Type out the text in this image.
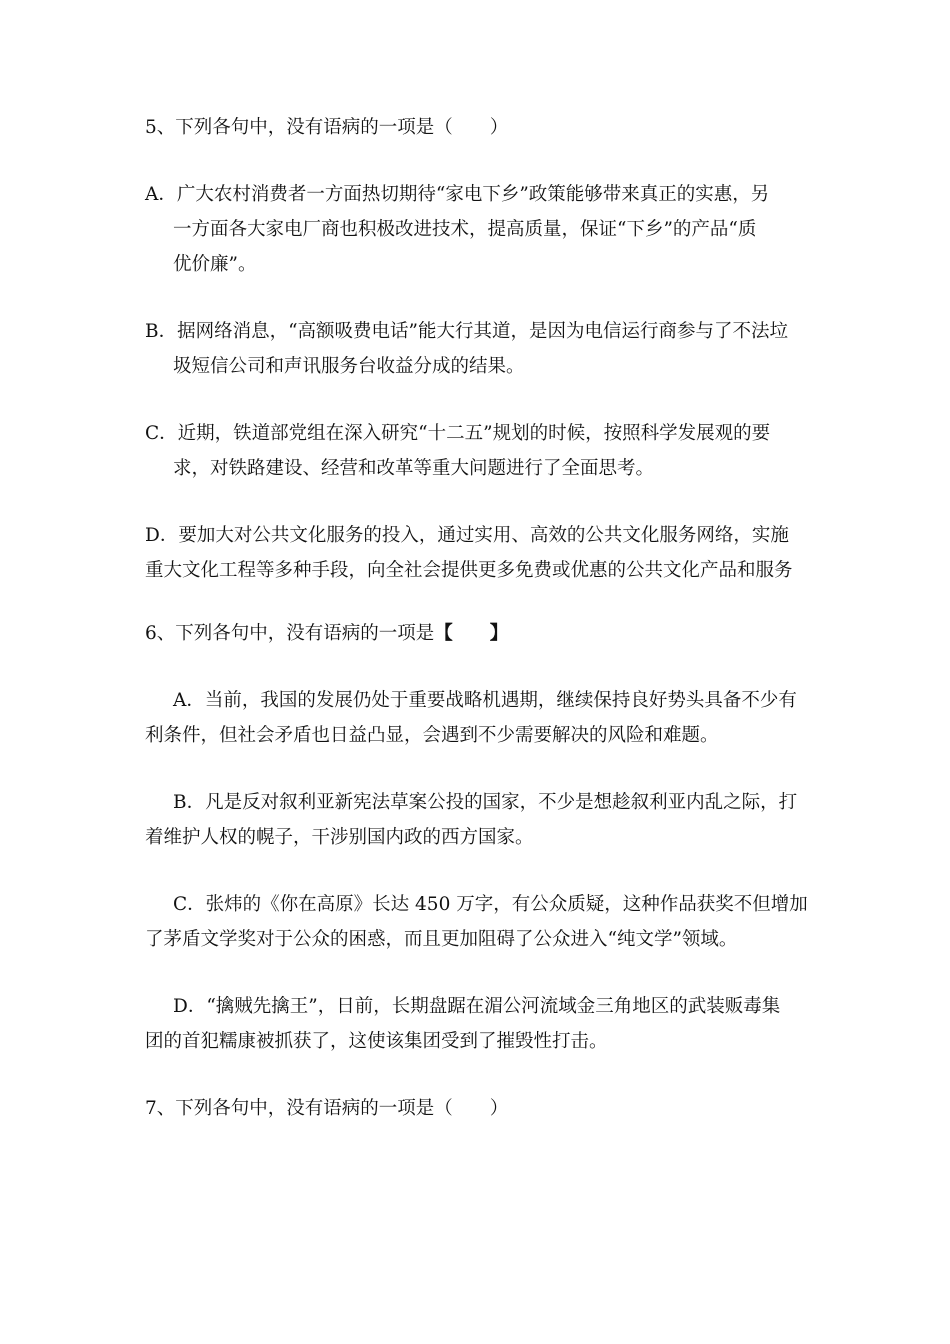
5、下列各句中，没有语病的一项是（　　）

A．广大农村消费者一方面热切期待“家电下乡”政策能够带来真正的实惠，另

一方面各大家电厂商也积极改进技术，提高质量，保证“下乡”的产品“质

优价廉”。

B．据网络消息，“高额吸费电话”能大行其道，是因为电信运行商参与了不法垃

圾短信公司和声讯服务台收益分成的结果。

C．近期，铁道部党组在深入研究“十二五”规划的时候，按照科学发展观的要

求，对铁路建设、经营和改革等重大问题进行了全面思考。

D．要加大对公共文化服务的投入，通过实用、高效的公共文化服务网络，实施

重大文化工程等多种手段，向全社会提供更多免费或优惠的公共文化产品和服务

6、下列各句中，没有语病的一项是【　　】

A．当前，我国的发展仍处于重要战略机遇期，继续保持良好势头具备不少有

利条件，但社会矛盾也日益凸显，会遇到不少需要解决的风险和难题。

B．凡是反对叙利亚新宪法草案公投的国家，不少是想趁叙利亚内乱之际，打

着维护人权的幌子，干涉别国内政的西方国家。

C．张炜的《你在高原》长达 450 万字，有公众质疑，这种作品获奖不但增加

了茅盾文学奖对于公众的困惑，而且更加阻碍了公众进入“纯文学”领域。

D．“擒贼先擒王”，日前，长期盘踞在湄公河流域金三角地区的武装贩毒集

团的首犯糯康被抓获了，这使该集团受到了摧毁性打击。

7、下列各句中，没有语病的一项是（　　）
